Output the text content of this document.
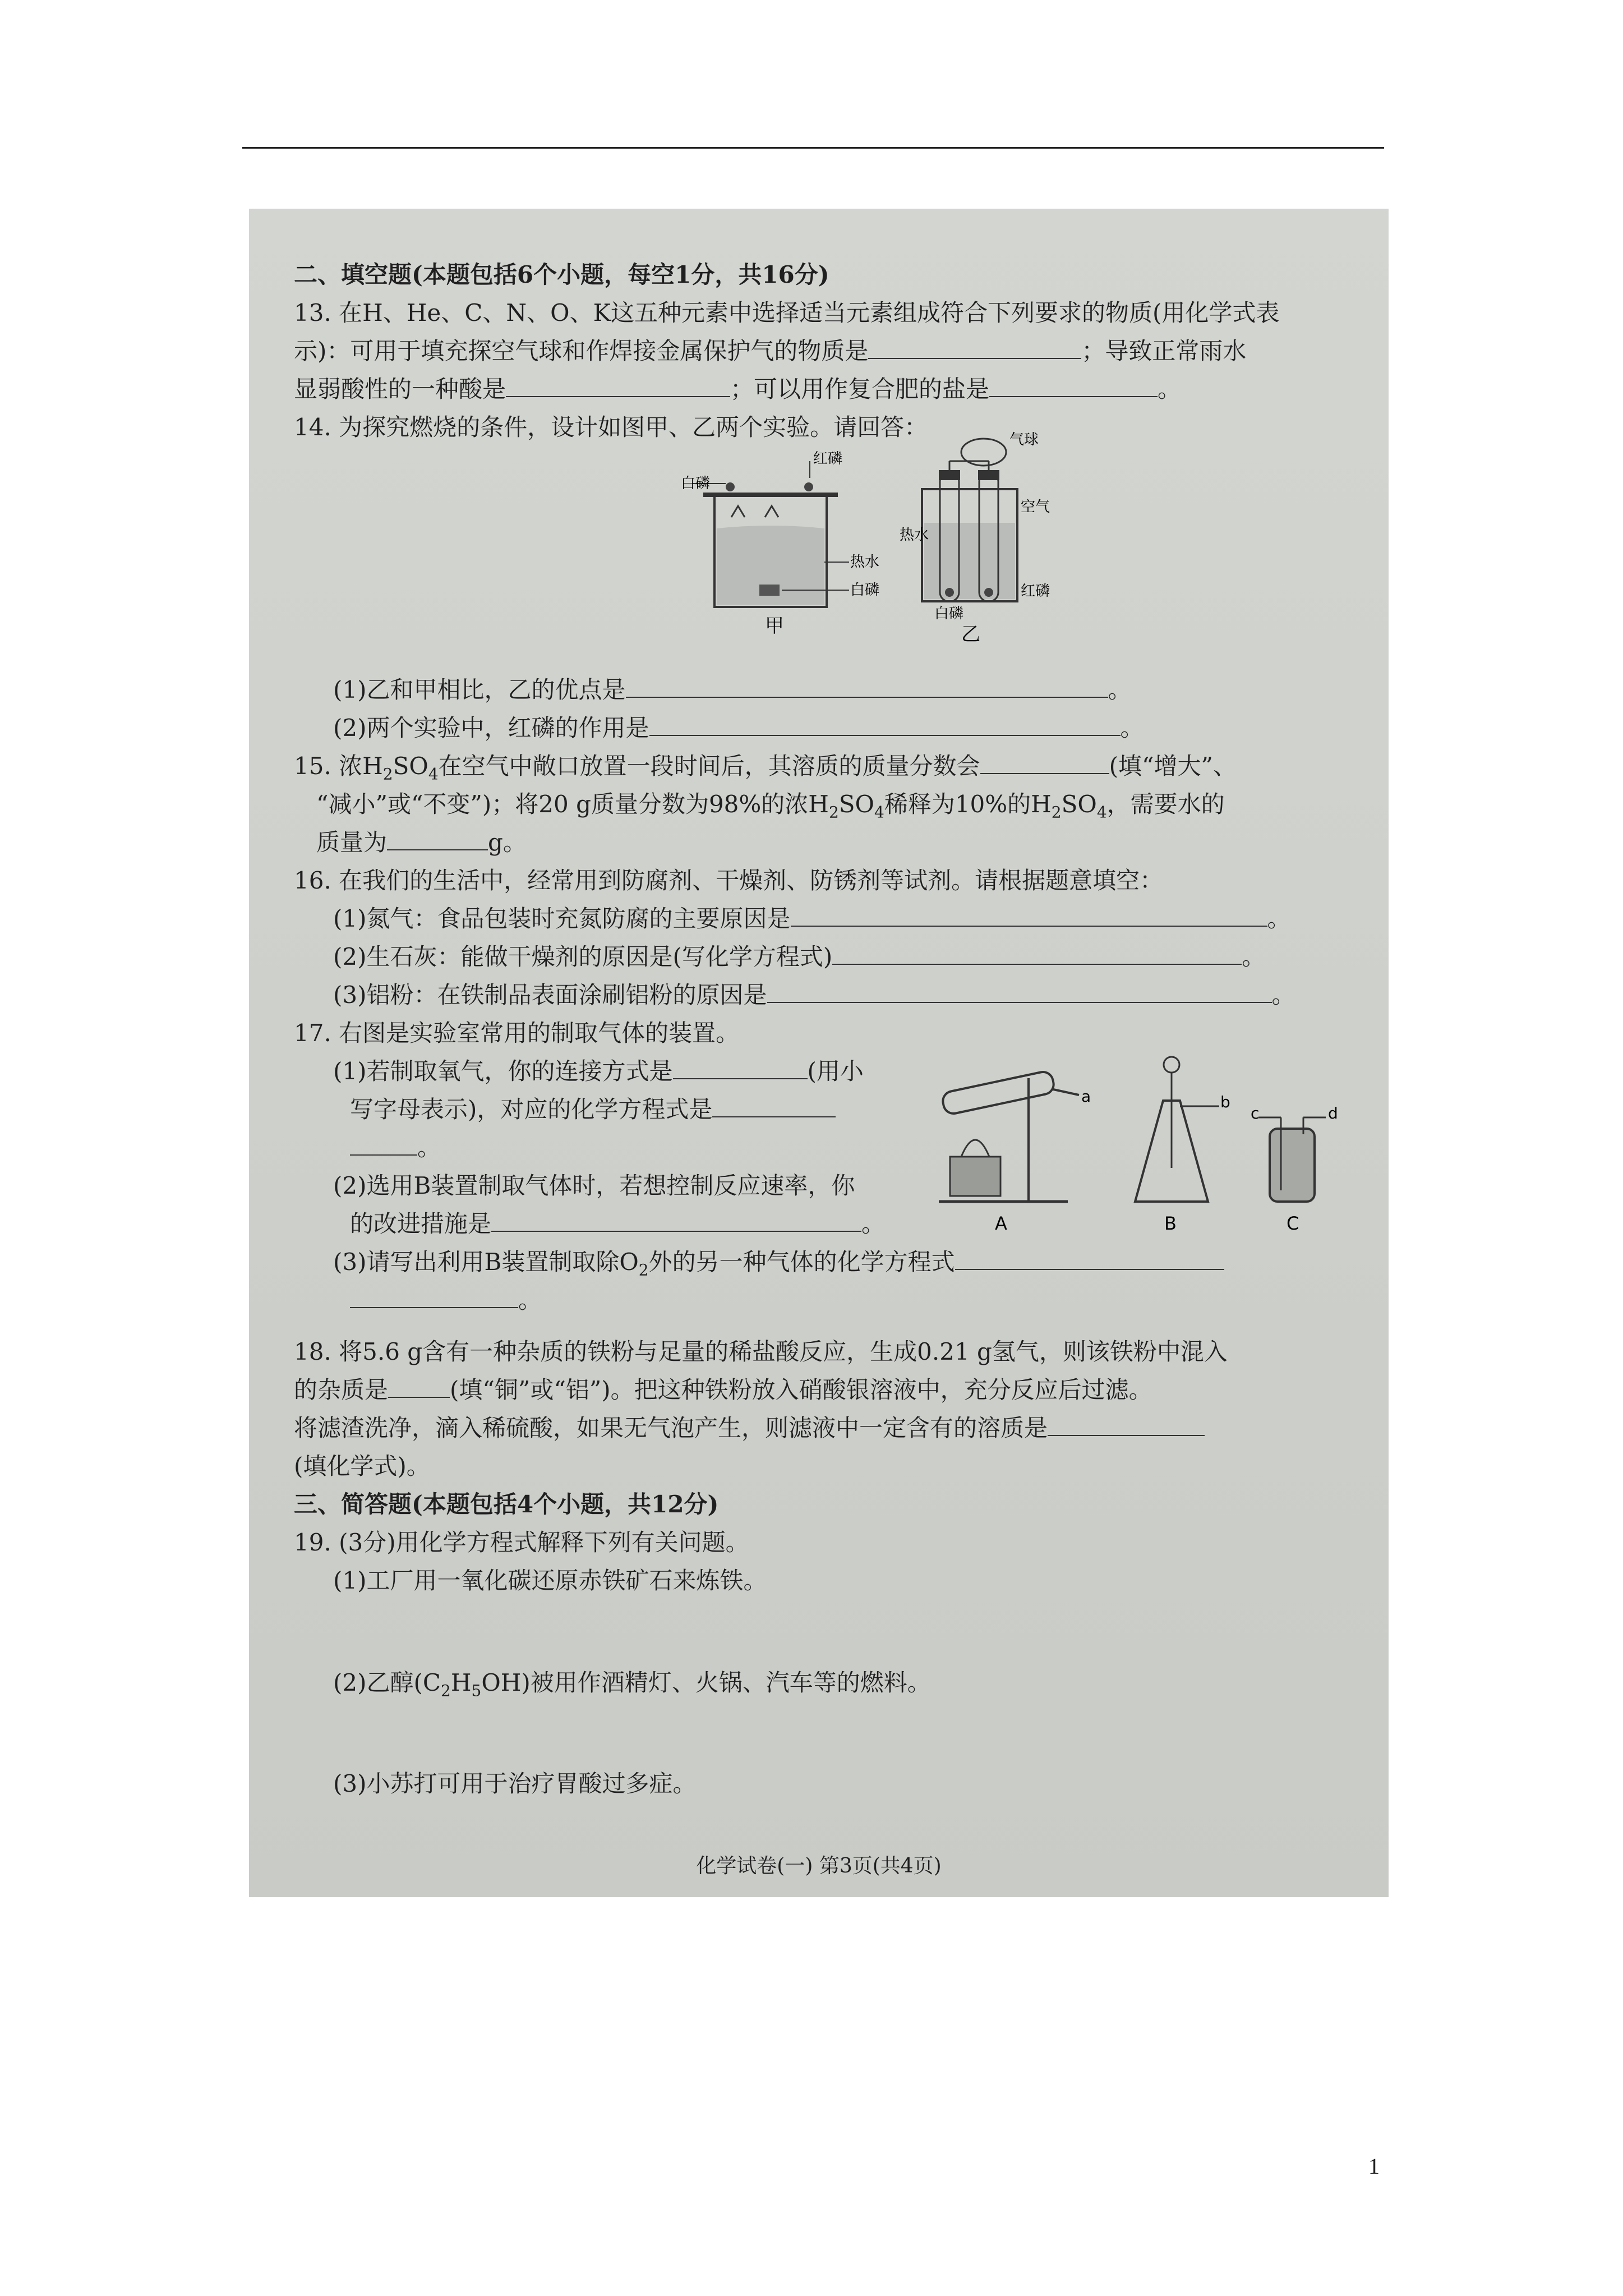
二、填空题(本题包括6个小题，每空1分，共16分)
13. 在H、He、C、N、O、K这五种元素中选择适当元素组成符合下列要求的物质(用化学式表
示)：可用于填充探空气球和作焊接金属保护气的物质是	；导致正常雨水
显弱酸性的一种酸是	；可以用作复合肥的盐是	。
14. 为探究燃烧的条件，设计如图甲、乙两个实验。请回答：
白磷
红磷
热水
白磷
甲
气球
热水
空气
红磷
白磷
乙
(1)乙和甲相比，乙的优点是	。
(2)两个实验中，红磷的作用是	。
15. 浓$H_2SO_4$在空气中敞口放置一段时间后，其溶质的质量分数会	(填“增大”、
“减小”或“不变”)；将20 g质量分数为98%的浓$H_2SO_4$稀释为10%的$H_2SO_4$，需要水的
质量为	g。
16. 在我们的生活中，经常用到防腐剂、干燥剂、防锈剂等试剂。请根据题意填空：
(1)氮气：食品包装时充氮防腐的主要原因是	。
(2)生石灰：能做干燥剂的原因是(写化学方程式)	。
(3)铝粉：在铁制品表面涂刷铝粉的原因是	。
17. 右图是实验室常用的制取气体的装置。
(1)若制取氧气，你的连接方式是	(用小
写字母表示)，对应的化学方程式是
。
(2)选用B装置制取气体时，若想控制反应速率，你
的改进措施是	。
(3)请写出利用B装置制取除$O_2$外的另一种气体的化学方程式
。
a
A
b
B
c	d
C
18. 将5.6 g含有一种杂质的铁粉与足量的稀盐酸反应，生成0.21 g氢气，则该铁粉中混入
的杂质是	(填“铜”或“铝”)。把这种铁粉放入硝酸银溶液中，充分反应后过滤。
将滤渣洗净，滴入稀硫酸，如果无气泡产生，则滤液中一定含有的溶质是
(填化学式)。
三、简答题(本题包括4个小题，共12分)
19. (3分)用化学方程式解释下列有关问题。
(1)工厂用一氧化碳还原赤铁矿石来炼铁。
(2)乙醇$(C_2H_5OH)$被用作酒精灯、火锅、汽车等的燃料。
(3)小苏打可用于治疗胃酸过多症。
化学试卷(一) 第3页(共4页)
1
